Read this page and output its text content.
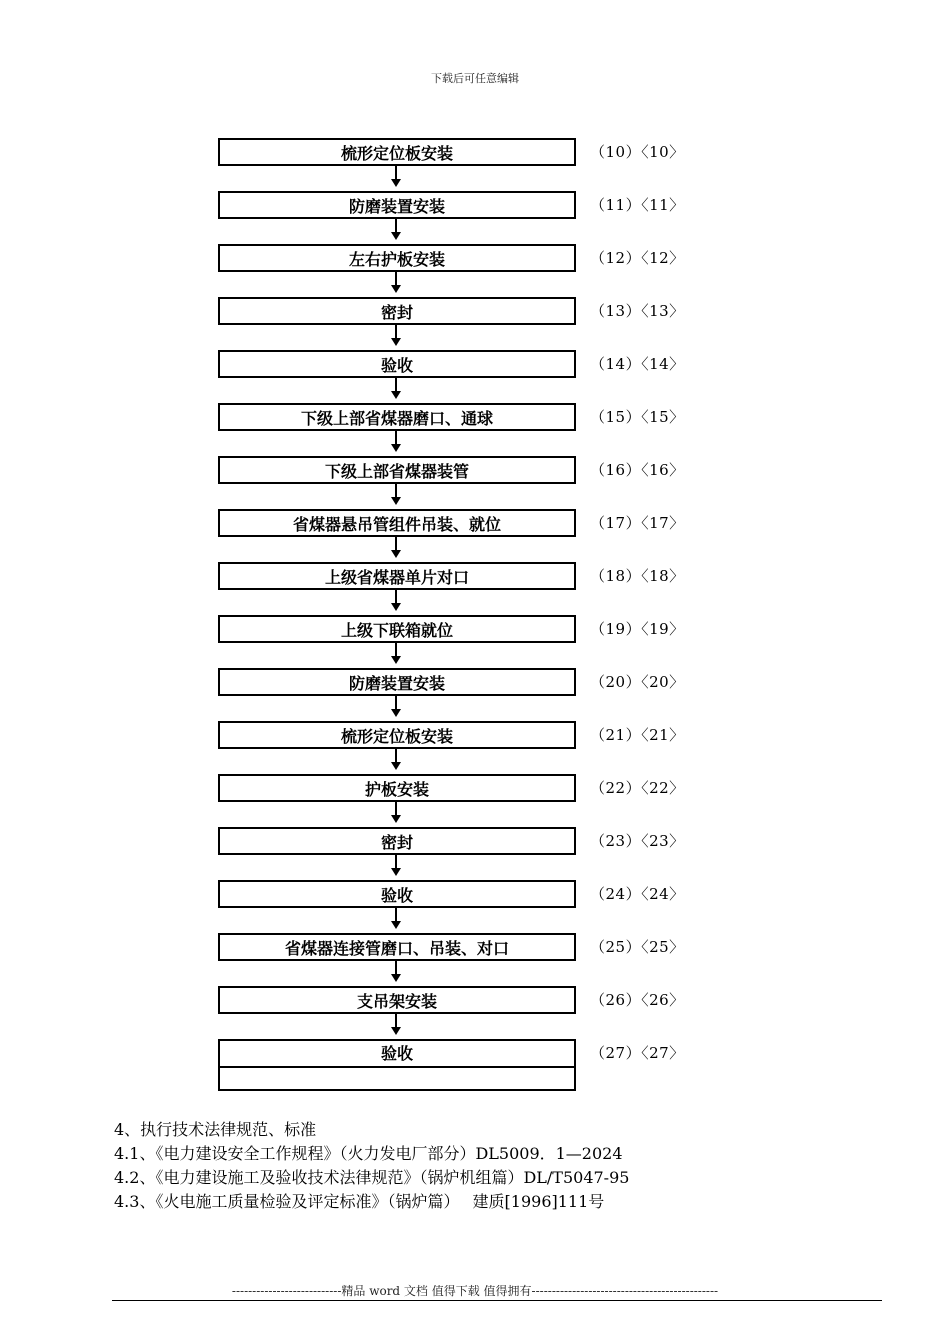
下载后可任意编辑
梳形定位板安装	（10）〈10〉
防磨装置安装	（11）〈11〉
左右护板安装	（12）〈12〉
密封	（13）〈13〉
验收	（14）〈14〉
下级上部省煤器磨口、通球	（15）〈15〉
下级上部省煤器装管	（16）〈16〉
省煤器悬吊管组件吊装、就位	（17）〈17〉
上级省煤器单片对口	（18）〈18〉
上级下联箱就位	（19）〈19〉
防磨装置安装	（20）〈20〉
梳形定位板安装	（21）〈21〉
护板安装	（22）〈22〉
密封	（23）〈23〉
验收	（24）〈24〉
省煤器连接管磨口、吊装、对口	（25）〈25〉
支吊架安装	（26）〈26〉
验收	（27）〈27〉
4、执行技术法律规范、标准
4.1、《电力建设安全工作规程》（火力发电厂部分）DL5009．1—2024
4.2、《电力建设施工及验收技术法律规范》（锅炉机组篇）DL/T5047-95
4.3、《火电施工质量检验及评定标准》（锅炉篇）　 建质[1996]111号
---------------------------精品 word 文档 值得下载 值得拥有----------------------------------------------
